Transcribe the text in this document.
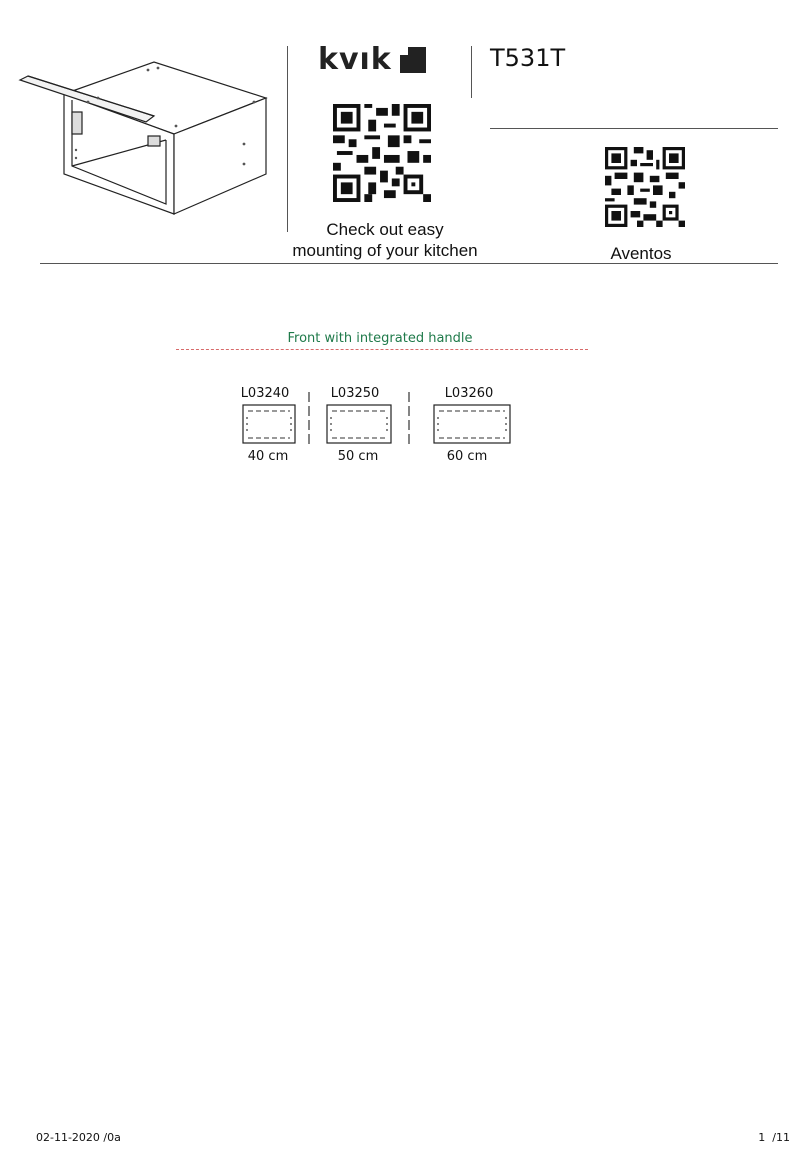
kvık	T531T
Check out easy
mounting of your kitchen	Aventos
Front with integrated handle
L03240	L03250	L03260
40 cm	50 cm	60 cm
02-11-2020 /0a	1  /11
